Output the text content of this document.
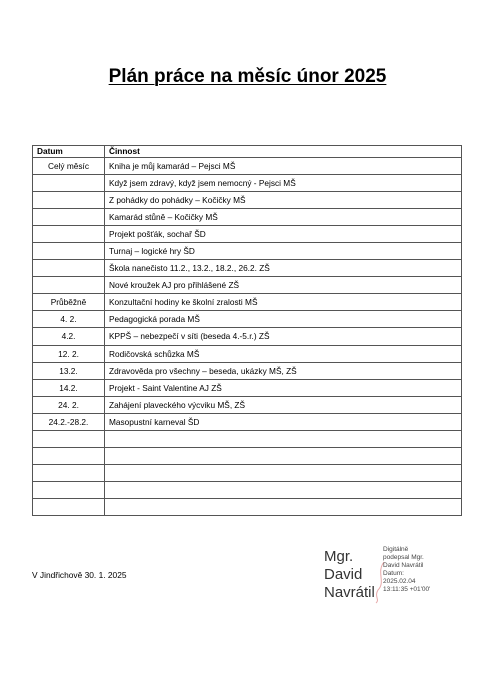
Plán práce na měsíc únor 2025
Datum	Činnost
Celý měsíc	Kniha je můj kamarád – Pejsci MŠ
	Když jsem zdravý, když jsem nemocný - Pejsci MŠ
	Z pohádky do pohádky – Kočičky MŠ
	Kamarád stůně – Kočičky MŠ
	Projekt pošťák, sochař ŠD
	Turnaj – logické hry ŠD
	Škola nanečisto 11.2., 13.2., 18.2., 26.2. ZŠ
	Nové kroužek AJ pro přihlášené ZŠ
Průběžně	Konzultační hodiny ke školní zralosti MŠ
4. 2.	Pedagogická porada MŠ
4.2.	KPPŠ – nebezpečí v síti (beseda 4.-5.r.) ZŠ
12. 2.	Rodičovská schůzka MŠ
13.2.	Zdravověda pro všechny – beseda, ukázky MŠ, ZŠ
14.2.	Projekt - Saint Valentine AJ ZŠ
24. 2.	Zahájení plaveckého výcviku MŠ, ZŠ
24.2.-28.2.	Masopustní karneval ŠD

V Jindřichově 30. 1. 2025
Mgr.
David
Navrátil
Digitálně
podepsal Mgr.
David Navrátil
Datum:
2025.02.04
13:11:35 +01'00'
